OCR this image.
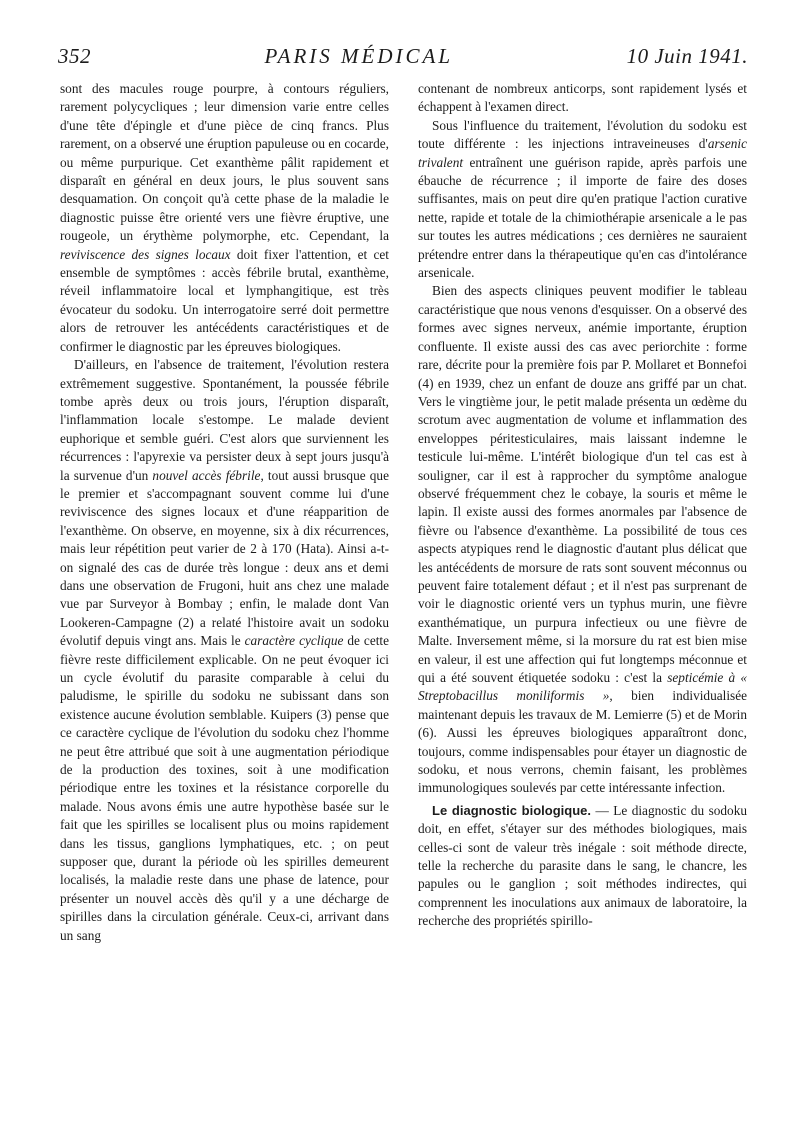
352	PARIS MÉDICAL	10 Juin 1941.

sont des macules rouge pourpre, à contours réguliers, rarement polycycliques ; leur dimension varie entre celles d'une tête d'épingle et d'une pièce de cinq francs. Plus rarement, on a observé une éruption papuleuse ou en cocarde, ou même purpurique. Cet exanthème pâlit rapidement et disparaît en général en deux jours, le plus souvent sans desquamation. On conçoit qu'à cette phase de la maladie le diagnostic puisse être orienté vers une fièvre éruptive, une rougeole, un érythème polymorphe, etc. Cependant, la reviviscence des signes locaux doit fixer l'attention, et cet ensemble de symptômes : accès fébrile brutal, exanthème, réveil inflammatoire local et lymphangitique, est très évocateur du sodoku. Un interrogatoire serré doit permettre alors de retrouver les antécédents caractéristiques et de confirmer le diagnostic par les épreuves biologiques.

D'ailleurs, en l'absence de traitement, l'évolution restera extrêmement suggestive. Spontanément, la poussée fébrile tombe après deux ou trois jours, l'éruption disparaît, l'inflammation locale s'estompe. Le malade devient euphorique et semble guéri. C'est alors que surviennent les récurrences : l'apyrexie va persister deux à sept jours jusqu'à la survenue d'un nouvel accès fébrile, tout aussi brusque que le premier et s'accompagnant souvent comme lui d'une reviviscence des signes locaux et d'une réapparition de l'exanthème. On observe, en moyenne, six à dix récurrences, mais leur répétition peut varier de 2 à 170 (Hata). Ainsi a-t-on signalé des cas de durée très longue : deux ans et demi dans une observation de Frugoni, huit ans chez une malade vue par Surveyor à Bombay ; enfin, le malade dont Van Lookeren-Campagne (2) a relaté l'histoire avait un sodoku évolutif depuis vingt ans. Mais le caractère cyclique de cette fièvre reste difficilement explicable. On ne peut évoquer ici un cycle évolutif du parasite comparable à celui du paludisme, le spirille du sodoku ne subissant dans son existence aucune évolution semblable. Kuipers (3) pense que ce caractère cyclique de l'évolution du sodoku chez l'homme ne peut être attribué que soit à une augmentation périodique de la production des toxines, soit à une modification périodique entre les toxines et la résistance corporelle du malade. Nous avons émis une autre hypothèse basée sur le fait que les spirilles se localisent plus ou moins rapidement dans les tissus, ganglions lymphatiques, etc. ; on peut supposer que, durant la période où les spirilles demeurent localisés, la maladie reste dans une phase de latence, pour présenter un nouvel accès dès qu'il y a une décharge de spirilles dans la circulation générale. Ceux-ci, arrivant dans un sang

contenant de nombreux anticorps, sont rapidement lysés et échappent à l'examen direct.

Sous l'influence du traitement, l'évolution du sodoku est toute différente : les injections intraveineuses d'arsenic trivalent entraînent une guérison rapide, après parfois une ébauche de récurrence ; il importe de faire des doses suffisantes, mais on peut dire qu'en pratique l'action curative nette, rapide et totale de la chimiothérapie arsenicale a le pas sur toutes les autres médications ; ces dernières ne sauraient prétendre entrer dans la thérapeutique qu'en cas d'intolérance arsenicale.

Bien des aspects cliniques peuvent modifier le tableau caractéristique que nous venons d'esquisser. On a observé des formes avec signes nerveux, anémie importante, éruption confluente. Il existe aussi des cas avec periorchite : forme rare, décrite pour la première fois par P. Mollaret et Bonnefoi (4) en 1939, chez un enfant de douze ans griffé par un chat. Vers le vingtième jour, le petit malade présenta un œdème du scrotum avec augmentation de volume et inflammation des enveloppes péritesticulaires, mais laissant indemne le testicule lui-même. L'intérêt biologique d'un tel cas est à souligner, car il est à rapprocher du symptôme analogue observé fréquemment chez le cobaye, la souris et même le lapin. Il existe aussi des formes anormales par l'absence de fièvre ou l'absence d'exanthème. La possibilité de tous ces aspects atypiques rend le diagnostic d'autant plus délicat que les antécédents de morsure de rats sont souvent méconnus ou peuvent faire totalement défaut ; et il n'est pas surprenant de voir le diagnostic orienté vers un typhus murin, une fièvre exanthématique, un purpura infectieux ou une fièvre de Malte. Inversement même, si la morsure du rat est bien mise en valeur, il est une affection qui fut longtemps méconnue et qui a été souvent étiquetée sodoku : c'est la septicémie à « Streptobacillus moniliformis », bien individualisée maintenant depuis les travaux de M. Lemierre (5) et de Morin (6). Aussi les épreuves biologiques apparaîtront donc, toujours, comme indispensables pour étayer un diagnostic de sodoku, et nous verrons, chemin faisant, les problèmes immunologiques soulevés par cette intéressante infection.

Le diagnostic biologique. — Le diagnostic du sodoku doit, en effet, s'étayer sur des méthodes biologiques, mais celles-ci sont de valeur très inégale : soit méthode directe, telle la recherche du parasite dans le sang, le chancre, les papules ou le ganglion ; soit méthodes indirectes, qui comprennent les inoculations aux animaux de laboratoire, la recherche des propriétés spirillo-
